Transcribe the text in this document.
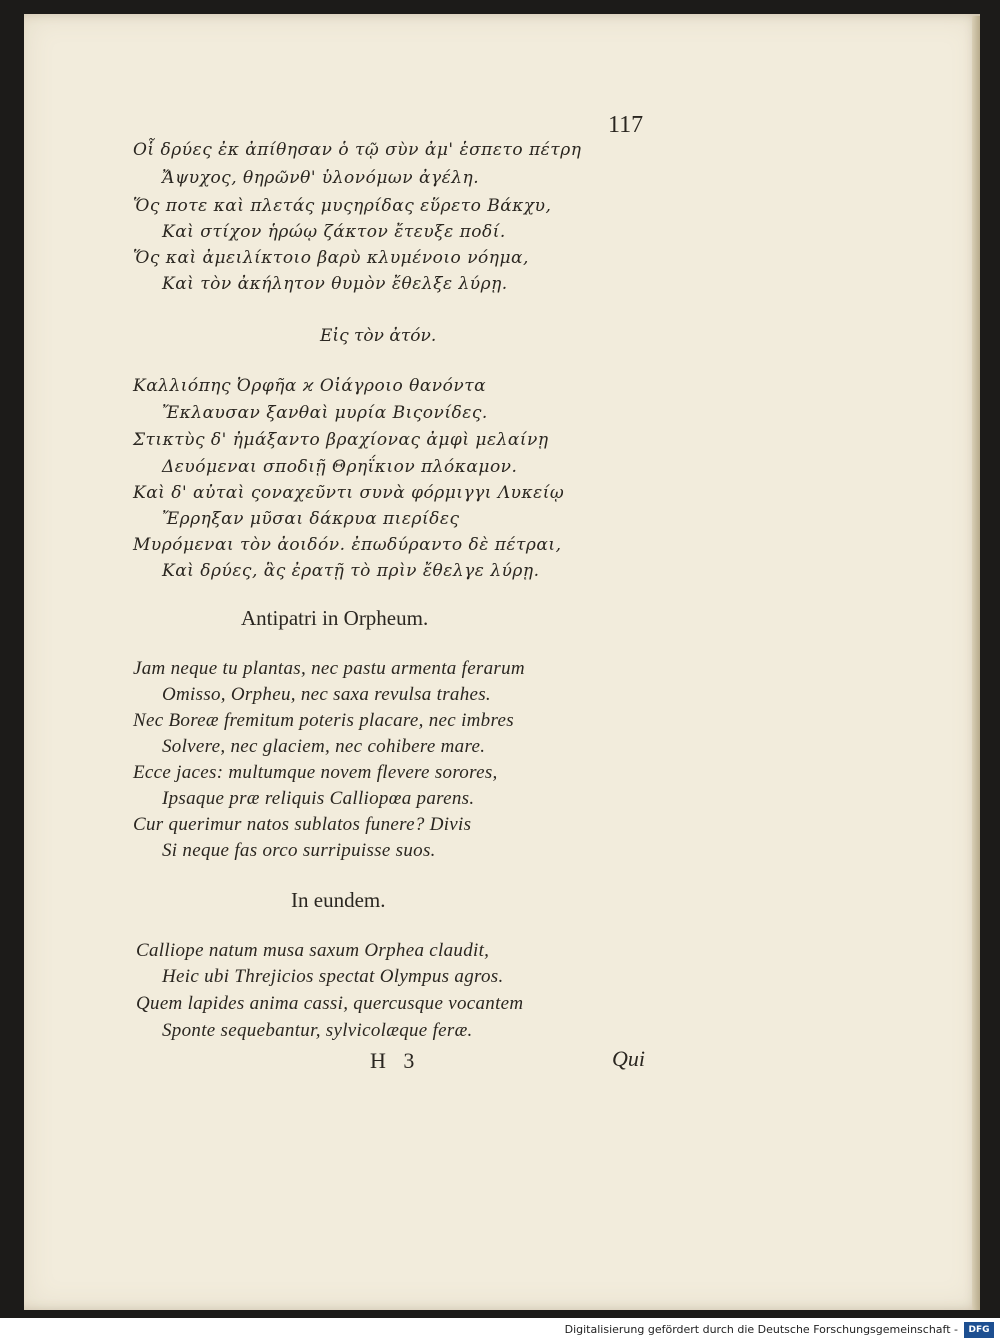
117
Οἷ δρύες ἐκ ἀπίθησαν ὁ τῷ σὺν ἀμ' ἑσπετο πέτρη
Ἄψυχος, θηρῶνθ' ὑλονόμων ἀγέλη.
Ὅς ποτε καὶ πλετάς μυςηρίδας εὕρετο Βάκχυ,
Καὶ στίχον ἡρώῳ ζάκτον ἔτευξε ποδί.
Ὅς καὶ ἀμειλίκτοιο βαρὺ κλυμένοιο νόημα,
Καὶ τὸν ἀκήλητον θυμὸν ἔθελξε λύρῃ.
Εἰς τὸν ἀτόν.
Καλλιόπης Ὀρφῆα ϰ Οἰάγροιο θανόντα
Ἔκλαυσαν ξανθαὶ μυρία Βιςονίδες.
Στικτὺς δ' ἠμάξαντο βραχίονας ἀμφὶ μελαίνῃ
Δευόμεναι σποδιῇ Θρηΐκιον πλόκαμον.
Καὶ δ' αὐταὶ ςοναχεῦντι συνὰ φόρμιγγι Λυκείῳ
Ἔρρηξαν μῦσαι δάκρυα πιερίδες
Μυρόμεναι τὸν ἀοιδόν. ἐπωδύραντο δὲ πέτραι,
Καὶ δρύες, ἃς ἐρατῇ τὸ πρὶν ἔθελγε λύρῃ.
Antipatri in Orpheum.
Jam neque tu plantas, nec pastu armenta ferarum
Omisso, Orpheu, nec saxa revulsa trahes.
Nec Boreæ fremitum poteris placare, nec imbres
Solvere, nec glaciem, nec cohibere mare.
Ecce jaces: multumque novem flevere sorores,
Ipsaque præ reliquis Calliopœa parens.
Cur querimur natos sublatos funere? Divis
Si neque fas orco surripuisse suos.
In eundem.
Calliope natum musa saxum Orphea claudit,
Heic ubi Threjicios spectat Olympus agros.
Quem lapides anima cassi, quercusque vocantem
Sponte sequebantur, sylvicolæque feræ.
H 3	Qui
Digitalisierung gefördert durch die Deutsche Forschungsgemeinschaft -	DFG
